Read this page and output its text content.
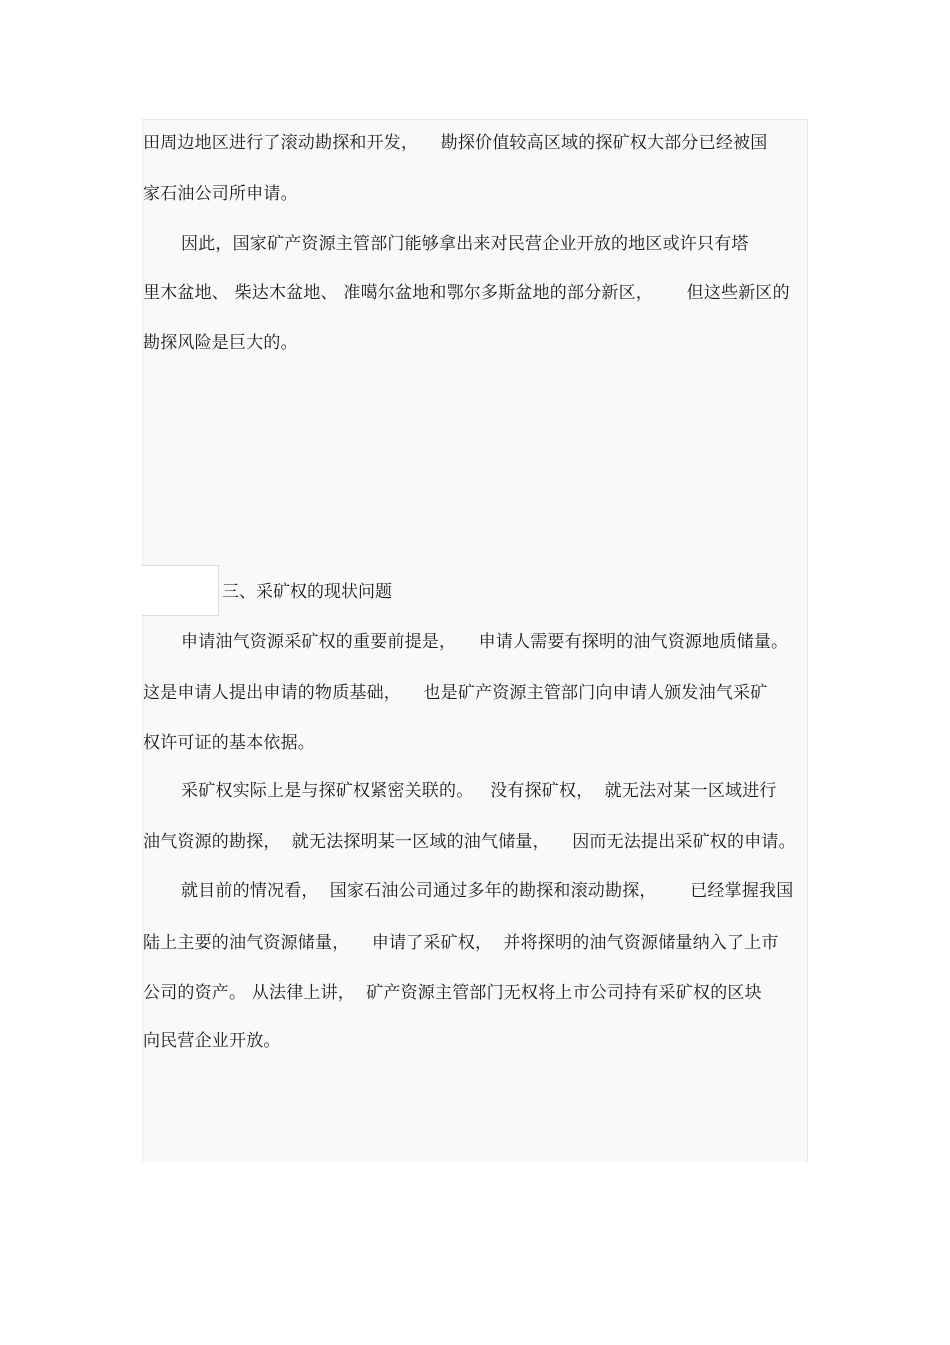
田周边地区进行了滚动勘探和开发，    勘探价值较高区域的探矿权大部分已经被国
家石油公司所申请。
因此，国家矿产资源主管部门能够拿出来对民营企业开放的地区或许只有塔
里木盆地、 柴达木盆地、 准噶尔盆地和鄂尔多斯盆地的部分新区，      但这些新区的
勘探风险是巨大的。
三、采矿权的现状问题
申请油气资源采矿权的重要前提是，    申请人需要有探明的油气资源地质储量。
这是申请人提出申请的物质基础，    也是矿产资源主管部门向申请人颁发油气采矿
权许可证的基本依据。
采矿权实际上是与探矿权紧密关联的。   没有探矿权，  就无法对某一区域进行
油气资源的勘探，  就无法探明某一区域的油气储量，    因而无法提出采矿权的申请。
就目前的情况看，  国家石油公司通过多年的勘探和滚动勘探，      已经掌握我国
陆上主要的油气资源储量，    申请了采矿权，  并将探明的油气资源储量纳入了上市
公司的资产。 从法律上讲，  矿产资源主管部门无权将上市公司持有采矿权的区块
向民营企业开放。
